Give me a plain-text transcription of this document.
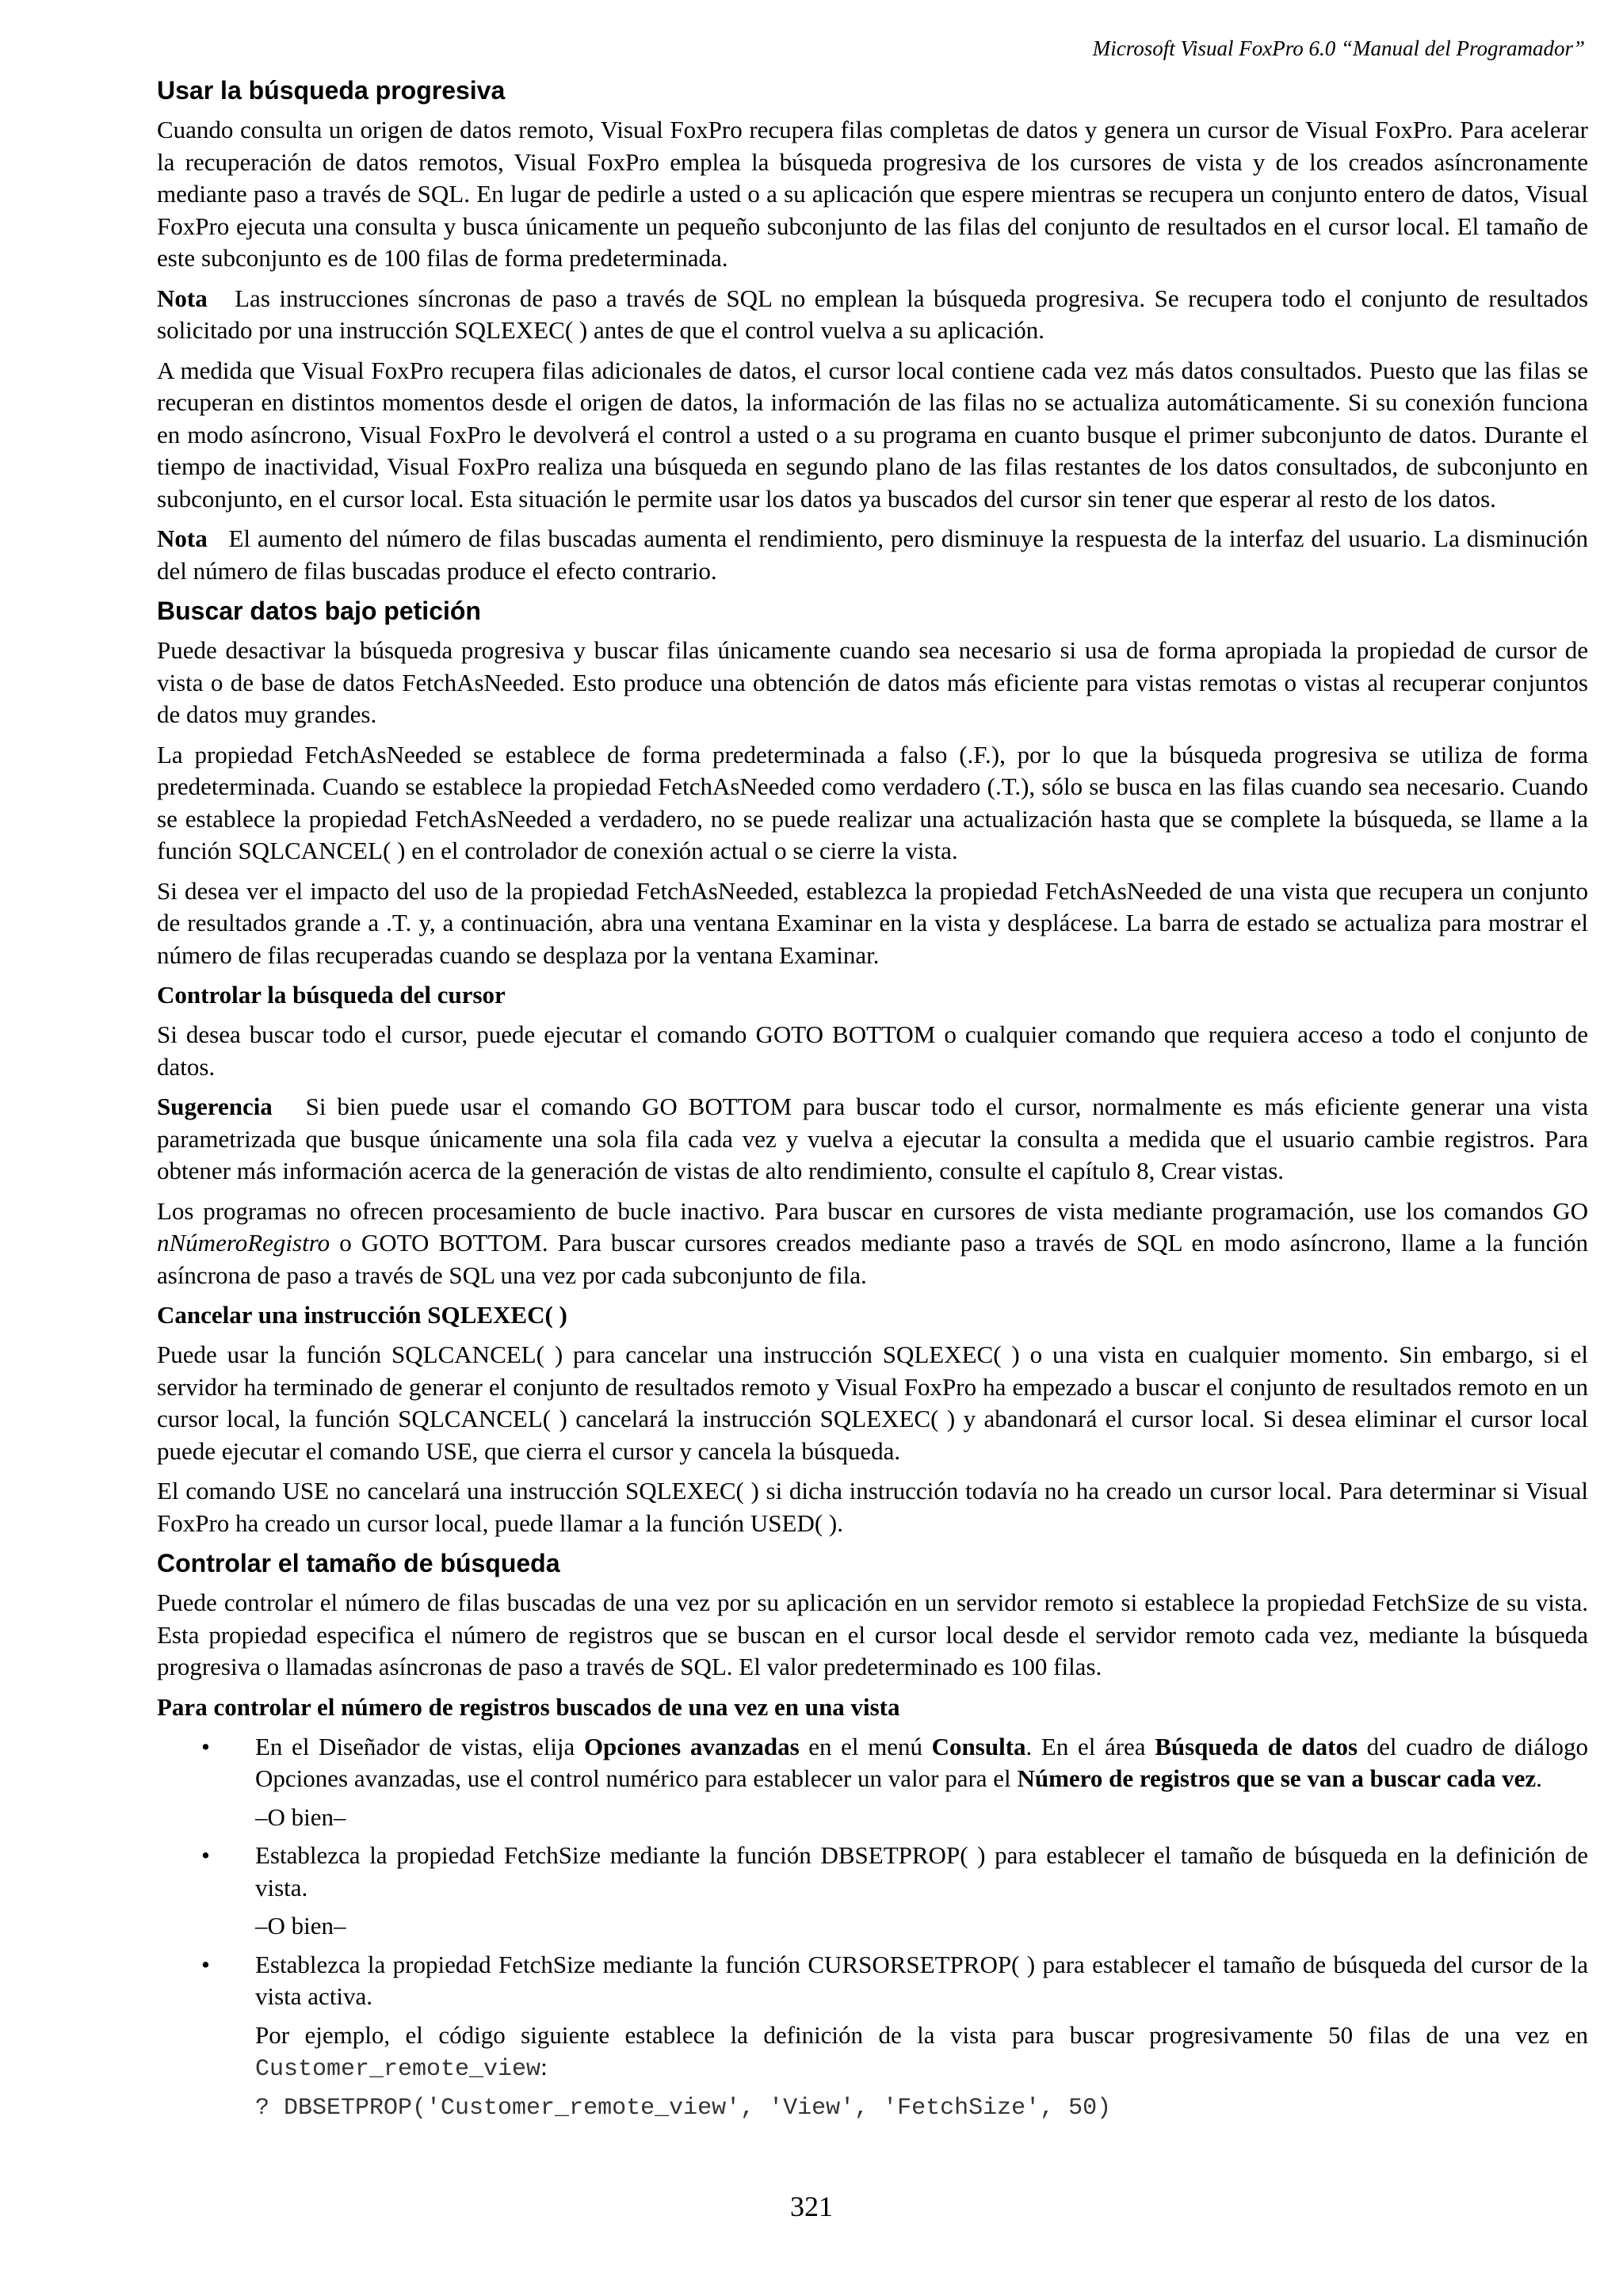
Microsoft Visual FoxPro 6.0 “Manual del Programador”
Usar la búsqueda progresiva

Cuando consulta un origen de datos remoto, Visual FoxPro recupera filas completas de datos y genera un cursor de Visual FoxPro. Para acelerar la recuperación de datos remotos, Visual FoxPro emplea la búsqueda progresiva de los cursores de vista y de los creados asíncronamente mediante paso a través de SQL. En lugar de pedirle a usted o a su aplicación que espere mientras se recupera un conjunto entero de datos, Visual FoxPro ejecuta una consulta y busca únicamente un pequeño subconjunto de las filas del conjunto de resultados en el cursor local. El tamaño de este subconjunto es de 100 filas de forma predeterminada.

Nota Las instrucciones síncronas de paso a través de SQL no emplean la búsqueda progresiva. Se recupera todo el conjunto de resultados solicitado por una instrucción SQLEXEC( ) antes de que el control vuelva a su aplicación.

A medida que Visual FoxPro recupera filas adicionales de datos, el cursor local contiene cada vez más datos consultados. Puesto que las filas se recuperan en distintos momentos desde el origen de datos, la información de las filas no se actualiza automáticamente. Si su conexión funciona en modo asíncrono, Visual FoxPro le devolverá el control a usted o a su programa en cuanto busque el primer subconjunto de datos. Durante el tiempo de inactividad, Visual FoxPro realiza una búsqueda en segundo plano de las filas restantes de los datos consultados, de subconjunto en subconjunto, en el cursor local. Esta situación le permite usar los datos ya buscados del cursor sin tener que esperar al resto de los datos.

Nota El aumento del número de filas buscadas aumenta el rendimiento, pero disminuye la respuesta de la interfaz del usuario. La disminución del número de filas buscadas produce el efecto contrario.

Buscar datos bajo petición

Puede desactivar la búsqueda progresiva y buscar filas únicamente cuando sea necesario si usa de forma apropiada la propiedad de cursor de vista o de base de datos FetchAsNeeded. Esto produce una obtención de datos más eficiente para vistas remotas o vistas al recuperar conjuntos de datos muy grandes.

La propiedad FetchAsNeeded se establece de forma predeterminada a falso (.F.), por lo que la búsqueda progresiva se utiliza de forma predeterminada. Cuando se establece la propiedad FetchAsNeeded como verdadero (.T.), sólo se busca en las filas cuando sea necesario. Cuando se establece la propiedad FetchAsNeeded a verdadero, no se puede realizar una actualización hasta que se complete la búsqueda, se llame a la función SQLCANCEL( ) en el controlador de conexión actual o se cierre la vista.

Si desea ver el impacto del uso de la propiedad FetchAsNeeded, establezca la propiedad FetchAsNeeded de una vista que recupera un conjunto de resultados grande a .T. y, a continuación, abra una ventana Examinar en la vista y desplácese. La barra de estado se actualiza para mostrar el número de filas recuperadas cuando se desplaza por la ventana Examinar.

Controlar la búsqueda del cursor

Si desea buscar todo el cursor, puede ejecutar el comando GOTO BOTTOM o cualquier comando que requiera acceso a todo el conjunto de datos.

Sugerencia Si bien puede usar el comando GO BOTTOM para buscar todo el cursor, normalmente es más eficiente generar una vista parametrizada que busque únicamente una sola fila cada vez y vuelva a ejecutar la consulta a medida que el usuario cambie registros. Para obtener más información acerca de la generación de vistas de alto rendimiento, consulte el capítulo 8, Crear vistas.

Los programas no ofrecen procesamiento de bucle inactivo. Para buscar en cursores de vista mediante programación, use los comandos GO nNúmeroRegistro o GOTO BOTTOM. Para buscar cursores creados mediante paso a través de SQL en modo asíncrono, llame a la función asíncrona de paso a través de SQL una vez por cada subconjunto de fila.

Cancelar una instrucción SQLEXEC( )

Puede usar la función SQLCANCEL( ) para cancelar una instrucción SQLEXEC( ) o una vista en cualquier momento. Sin embargo, si el servidor ha terminado de generar el conjunto de resultados remoto y Visual FoxPro ha empezado a buscar el conjunto de resultados remoto en un cursor local, la función SQLCANCEL( ) cancelará la instrucción SQLEXEC( ) y abandonará el cursor local. Si desea eliminar el cursor local puede ejecutar el comando USE, que cierra el cursor y cancela la búsqueda.

El comando USE no cancelará una instrucción SQLEXEC( ) si dicha instrucción todavía no ha creado un cursor local. Para determinar si Visual FoxPro ha creado un cursor local, puede llamar a la función USED( ).

Controlar el tamaño de búsqueda

Puede controlar el número de filas buscadas de una vez por su aplicación en un servidor remoto si establece la propiedad FetchSize de su vista. Esta propiedad especifica el número de registros que se buscan en el cursor local desde el servidor remoto cada vez, mediante la búsqueda progresiva o llamadas asíncronas de paso a través de SQL. El valor predeterminado es 100 filas.

Para controlar el número de registros buscados de una vez en una vista
• En el Diseñador de vistas, elija Opciones avanzadas en el menú Consulta. En el área Búsqueda de datos del cuadro de diálogo Opciones avanzadas, use el control numérico para establecer un valor para el Número de registros que se van a buscar cada vez.

–O bien–

• Establezca la propiedad FetchSize mediante la función DBSETPROP( ) para establecer el tamaño de búsqueda en la definición de vista.

–O bien–

• Establezca la propiedad FetchSize mediante la función CURSORSETPROP( ) para establecer el tamaño de búsqueda del cursor de la vista activa.

Por ejemplo, el código siguiente establece la definición de la vista para buscar progresivamente 50 filas de una vez en Customer_remote_view:

? DBSETPROP('Customer_remote_view', 'View', 'FetchSize', 50)
321
